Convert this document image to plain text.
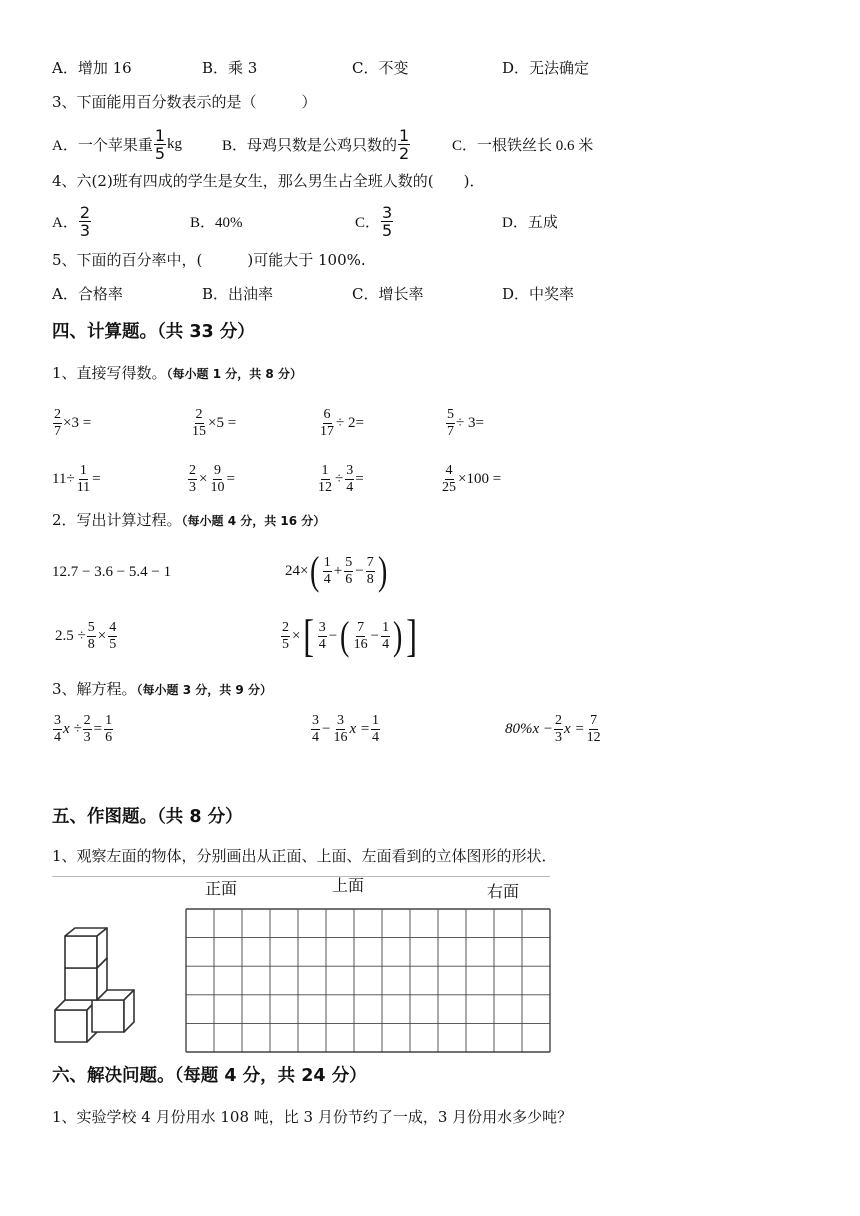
A．增加 16	B．乘 3	C．不变	D．无法确定
3、下面能用百分数表示的是（　　　）
A．一个苹果重 $\frac{1}{5}$ kg	B．母鸡只数是公鸡只数的 $\frac{1}{2}$	C．一根铁丝长 0.6 米
4、六(2)班有四成的学生是女生，那么男生占全班人数的(　　)．
A． $\frac{2}{3}$	B．40%	C． $\frac{3}{5}$	D．五成
5、下面的百分率中，(　　　)可能大于 100%.
A．合格率	B．出油率	C．增长率	D．中奖率
四、计算题。（共 33 分）
1、直接写得数。（每小题 1 分，共 8 分）
$\frac{2}{7} \times 3$ =	$\frac{2}{15} \times 5$ =	$\frac{6}{17} \div 2=$	$\frac{5}{7} \div 3=$
$11\div \frac{1}{11}$ =	$\frac{2}{3} \times \frac{9}{10}$ =	$\frac{1}{12} \div \frac{3}{4}$ =	$\frac{4}{25} \times 100$ =
2．写出计算过程。（每小题 4 分，共 16 分）
12.7 − 3.6 − 5.4 − 1	24× ( $\frac{1}{4} + \frac{5}{6} - \frac{7}{8}$ )
$2.5 \div \frac{5}{8} \times \frac{4}{5}$	$\frac{2}{5}$ × [ $\frac{3}{4}$ − ( $\frac{7}{16} - \frac{1}{4}$ ) ]
3、解方程。（每小题 3 分，共 9 分）
$\frac{3}{4}$ $x \div \frac{2}{3} = \frac{1}{6}$	$\frac{3}{4} - \frac{3}{16}$ $x = \frac{1}{4}$	$80\%x - \frac{2}{3}$ $x = \frac{7}{12}$
五、作图题。（共 8 分）
1、观察左面的物体，分别画出从正面、上面、左面看到的立体图形的形状．
正面	上面	右面
六、解决问题。（每题 4 分，共 24 分）
1、实验学校 4 月份用水 108 吨，比 3 月份节约了一成，3 月份用水多少吨？
